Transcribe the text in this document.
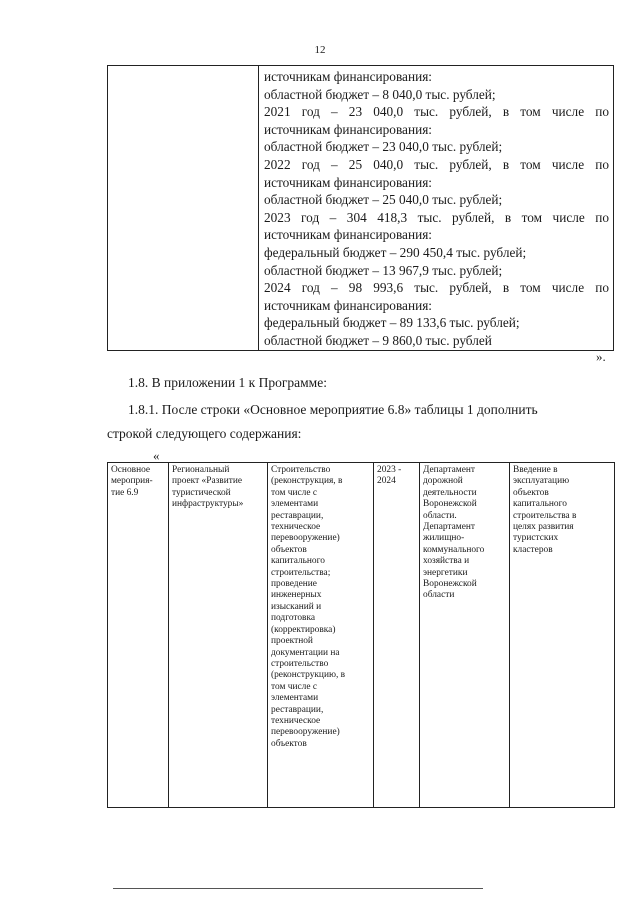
12

источникам финансирования:
областной бюджет – 8 040,0 тыс. рублей;
2021 год – 23 040,0 тыс. рублей, в том числе по
источникам финансирования:
областной бюджет – 23 040,0 тыс. рублей;
2022 год – 25 040,0 тыс. рублей, в том числе по
источникам финансирования:
областной бюджет – 25 040,0 тыс. рублей;
2023 год – 304 418,3 тыс. рублей, в том числе по
источникам финансирования:
федеральный бюджет – 290 450,4 тыс. рублей;
областной бюджет – 13 967,9 тыс. рублей;
2024 год – 98 993,6 тыс. рублей, в том числе по
источникам финансирования:
федеральный бюджет – 89 133,6 тыс. рублей;
областной бюджет – 9 860,0 тыс. рублей
».
1.8. В приложении 1 к Программе:
1.8.1. После строки «Основное мероприятие 6.8» таблицы 1 дополнить
строкой следующего содержания:
«
Основное
мероприя-
тие 6.9

Региональный
проект «Развитие
туристической
инфраструктуры»

Строительство
(реконструкция, в
том числе с
элементами
реставрации,
техническое
перевооружение)
объектов
капитального
строительства;
проведение
инженерных
изысканий и
подготовка
(корректировка)
проектной
документации на
строительство
(реконструкцию, в
том числе с
элементами
реставрации,
техническое
перевооружение)
объектов

2023 -
2024

Департамент
дорожной
деятельности
Воронежской
области.
Департамент
жилищно-
коммунального
хозяйства и
энергетики
Воронежской
области

Введение в
эксплуатацию
объектов
капитального
строительства в
целях развития
туристских
кластеров
